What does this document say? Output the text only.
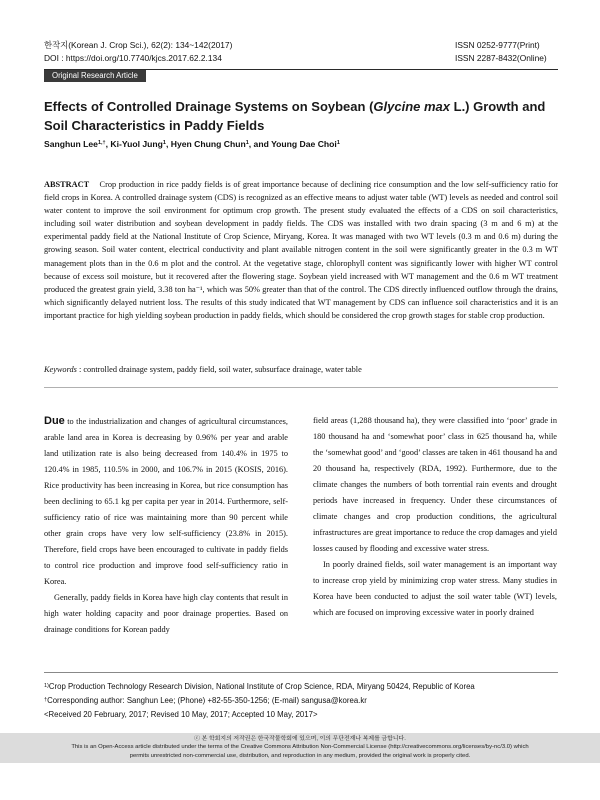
한작지(Korean J. Crop Sci.), 62(2): 134~142(2017)
DOI : https://doi.org/10.7740/kjcs.2017.62.2.134
ISSN 0252-9777(Print)
ISSN 2287-8432(Online)
Original Research Article
Effects of Controlled Drainage Systems on Soybean (Glycine max L.) Growth and Soil Characteristics in Paddy Fields
Sanghun Lee$^{1,\dagger}$, Ki-Yuol Jung$^1$, Hyen Chung Chun$^1$, and Young Dae Choi$^1$
ABSTRACT Crop production in rice paddy fields is of great importance because of declining rice consumption and the low self-sufficiency ratio for field crops in Korea. A controlled drainage system (CDS) is recognized as an effective means to adjust water table (WT) levels as needed and control soil water content to improve the soil environment for optimum crop growth. The present study evaluated the effects of a CDS on soil characteristics, including soil water distribution and soybean development in paddy fields. The CDS was installed with two drain spacing (3 m and 6 m) at the experimental paddy field at the National Institute of Crop Science, Miryang, Korea. It was managed with two WT levels (0.3 m and 0.6 m) during the growing season. Soil water content, electrical conductivity and plant available nitrogen content in the soil were significantly greater in the 0.3 m WT management plots than in the 0.6 m plot and the control. At the vegetative stage, chlorophyll content was significantly lower with higher WT control because of excess soil moisture, but it recovered after the flowering stage. Soybean yield increased with WT management and the 0.6 m WT treatment produced the greatest grain yield, 3.38 ton ha⁻¹, which was 50% greater than that of the control. The CDS directly influenced outflow through the drains, which significantly delayed nutrient loss. The results of this study indicated that WT management by CDS can influence soil characteristics and it is an important practice for high yielding soybean production in paddy fields, which should be considered the crop growth stages for stable crop production.
Keywords : controlled drainage system, paddy field, soil water, subsurface drainage, water table

Due to the industrialization and changes of agricultural circumstances, arable land area in Korea is decreasing by 0.96% per year and arable land utilization rate is also being decreased from 140.4% in 1975 to 120.4% in 1985, 110.5% in 2000, and 106.7% in 2015 (KOSIS, 2016). Rice productivity has been increasing in Korea, but rice consumption has been declining to 65.1 kg per capita per year in 2014. Furthermore, self-sufficiency ratio of rice was maintaining more than 90 percent while other grain crops have very low self-sufficiency (23.8% in 2015). Therefore, field crops have been encouraged to cultivate in paddy fields to control rice production and improve food self-sufficiency ratio in Korea.

Generally, paddy fields in Korea have high clay contents that result in high water holding capacity and poor drainage properties. Based on drainage conditions for Korean paddy

field areas (1,288 thousand ha), they were classified into ‘poor’ grade in 180 thousand ha and ‘somewhat poor’ class in 625 thousand ha, while the ‘somewhat good’ and ‘good’ classes are taken in 461 thousand ha and 20 thousand ha, respectively (RDA, 1992). Furthermore, due to the climate changes the numbers of both torrential rain events and drought periods have increased in frequency. Under these circumstances of climate changes and crop production conditions, the agricultural infrastructures are great importance to reduce the crop damages and yield losses caused by flooding and excessive water stress.

In poorly drained fields, soil water management is an important way to increase crop yield by minimizing crop water stress. Many studies in Korea have been conducted to adjust the soil water table (WT) levels, which are focused on improving excessive water in poorly drained

$^{1)}$Crop Production Technology Research Division, National Institute of Crop Science, RDA, Miryang 50424, Republic of Korea
†Corresponding author: Sanghun Lee; (Phone) +82-55-350-1256; (E-mail) sangusa@korea.kr
<Received 20 February, 2017; Revised 10 May, 2017; Accepted 10 May, 2017>
ⓒ 본 학회지의 저작권은 한국작물학회에 있으며, 이의 무단전재나 복제를 금합니다.
This is an Open-Access article distributed under the terms of the Creative Commons Attribution Non-Commercial License (http://creativecommons.org/licenses/by-nc/3.0) which
permits unrestricted non-commercial use, distribution, and reproduction in any medium, provided the original work is properly cited.
